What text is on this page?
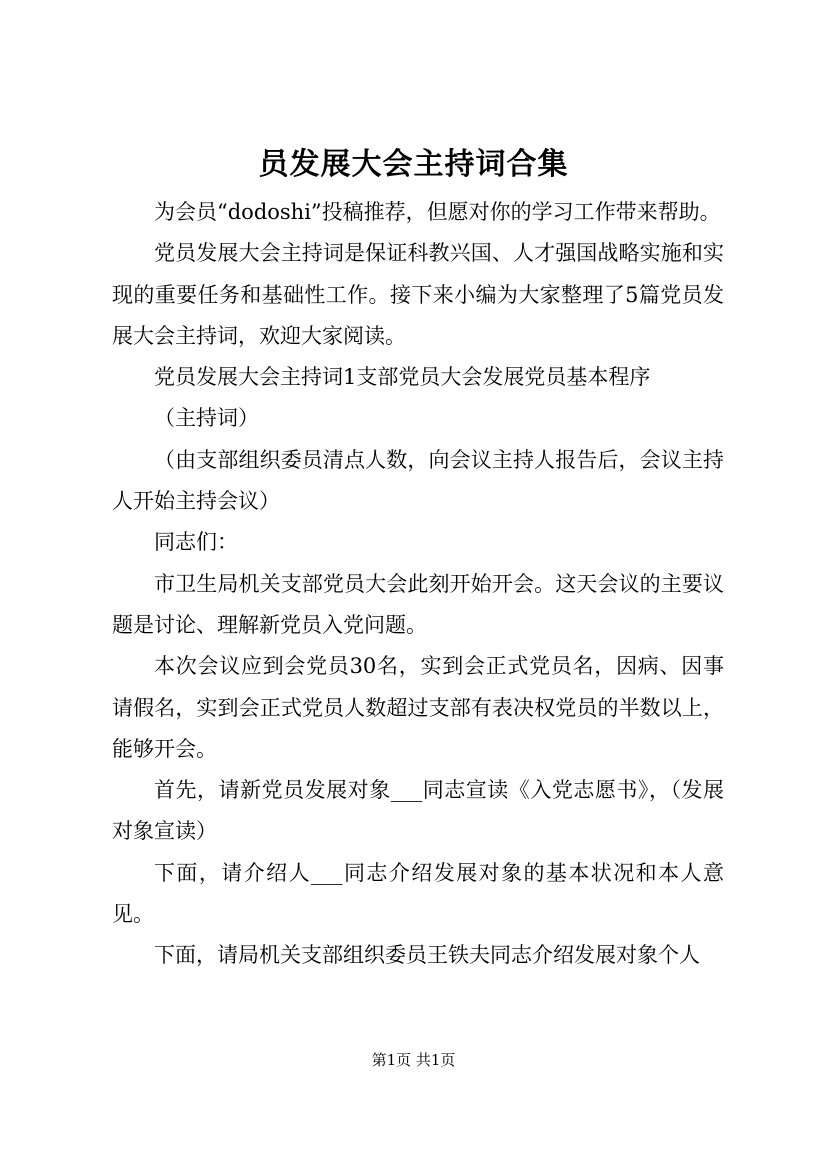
员发展大会主持词合集

为会员“dodoshi”投稿推荐，但愿对你的学习工作带来帮助。

党员发展大会主持词是保证科教兴国、人才强国战略实施和实现的重要任务和基础性工作。接下来小编为大家整理了5篇党员发展大会主持词，欢迎大家阅读。

党员发展大会主持词1支部党员大会发展党员基本程序

（主持词）

（由支部组织委员清点人数，向会议主持人报告后，会议主持人开始主持会议）

同志们：

市卫生局机关支部党员大会此刻开始开会。这天会议的主要议题是讨论、理解新党员入党问题。

本次会议应到会党员30名，实到会正式党员名，因病、因事请假名，实到会正式党员人数超过支部有表决权党员的半数以上，能够开会。

首先，请新党员发展对象___同志宣读《入党志愿书》，（发展对象宣读）

下面，请介绍人___同志介绍发展对象的基本状况和本人意见。

下面，请局机关支部组织委员王铁夫同志介绍发展对象个人

第1页 共1页
